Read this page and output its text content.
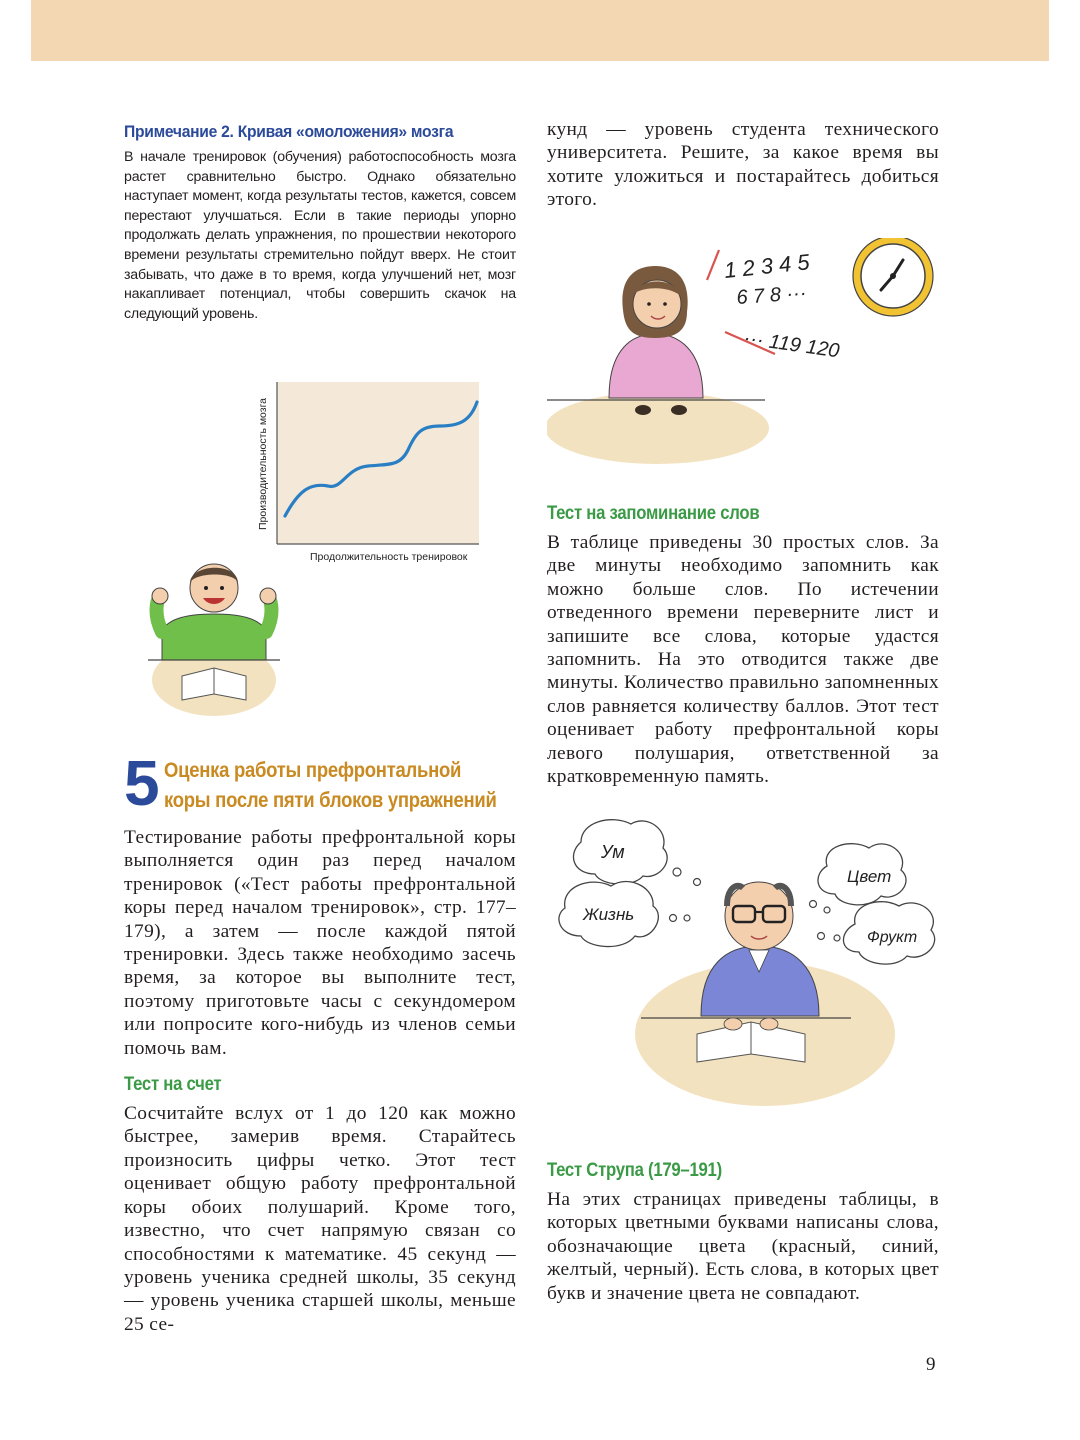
Примечание 2. Кривая «омоложения» мозга

В начале тренировок (обучения) работоспособность мозга растет сравнительно быстро. Однако обязательно наступает момент, когда результаты тестов, кажется, совсем перестают улучшаться. Если в такие периоды упорно продолжать делать упражнения, по прошествии некоторого времени результаты стремительно пойдут вверх. Не стоит забывать, что даже в то время, когда улучшений нет, мозг накапливает потенциал, чтобы совершить скачок на следующий уровень.

Производительность мозга
Продолжительность тренировок
5 Оценка работы префронтальной
коры после пяти блоков упражнений

Тестирование работы префронтальной коры выполняется один раз перед началом тренировок («Тест работы префронтальной коры перед началом тренировок», стр. 177–179), а затем — после каждой пятой тренировки. Здесь также необходимо засечь время, за которое вы выполните тест, поэтому приготовьте часы с секундомером или попросите кого-нибудь из членов семьи помочь вам.

Тест на счет

Сосчитайте вслух от 1 до 120 как можно быстрее, замерив время. Старайтесь произносить цифры четко. Этот тест оценивает общую работу префронтальной коры обоих полушарий. Кроме того, известно, что счет напрямую связан со способностями к математике. 45 секунд — уровень ученика средней школы, 35 секунд — уровень ученика старшей школы, меньше 25 се-

кунд — уровень студента технического университета. Решите, за какое время вы хотите уложиться и постарайтесь добиться этого.

1 2 3 4 5
6 7 8 ···
··· 119 120
Тест на запоминание слов

В таблице приведены 30 простых слов. За две минуты необходимо запомнить как можно больше слов. По истечении отведенного времени переверните лист и запишите все слова, которые удастся запомнить. На это отводится также две минуты. Количество правильно запомненных слов равняется количеству баллов. Этот тест оценивает работу префронтальной коры левого полушария, ответственной за кратковременную память.

Ум
Жизнь
Цвет
Фрукт
Тест Струпа (179–191)

На этих страницах приведены таблицы, в которых цветными буквами написаны слова, обозначающие цвета (красный, синий, желтый, черный). Есть слова, в которых цвет букв и значение цвета не совпадают.

9
